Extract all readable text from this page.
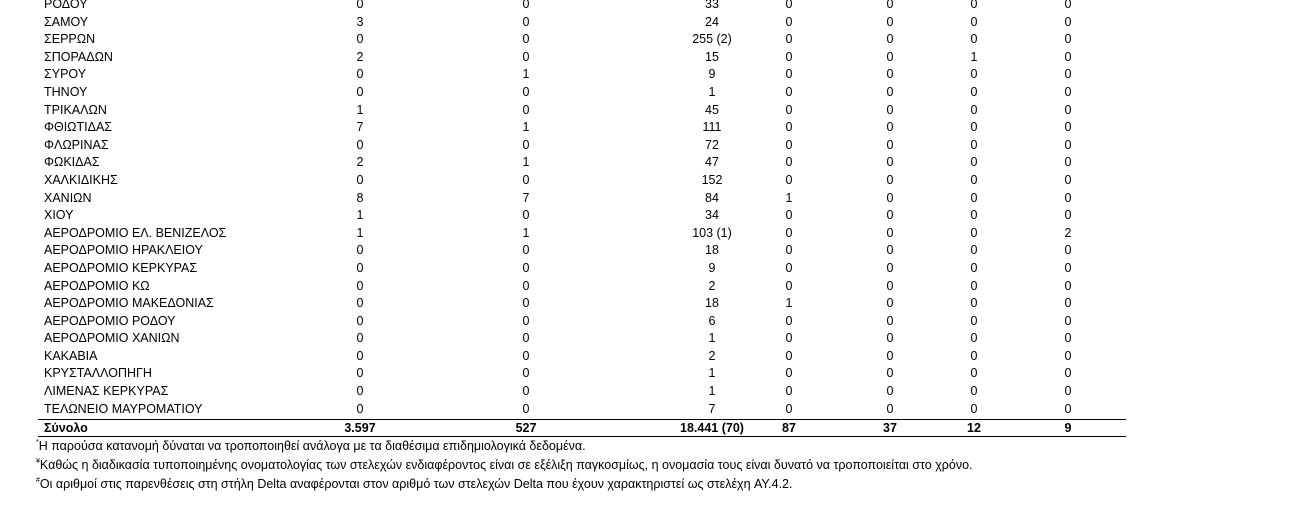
ΡΟΔΟΥ	0	0	33	0	0	0	0
ΣΑΜΟΥ	3	0	24	0	0	0	0
ΣΕΡΡΩΝ	0	0	255 (2)	0	0	0	0
ΣΠΟΡΑΔΩΝ	2	0	15	0	0	1	0
ΣΥΡΟΥ	0	1	9	0	0	0	0
ΤΗΝΟΥ	0	0	1	0	0	0	0
ΤΡΙΚΑΛΩΝ	1	0	45	0	0	0	0
ΦΘΙΩΤΙΔΑΣ	7	1	111	0	0	0	0
ΦΛΩΡΙΝΑΣ	0	0	72	0	0	0	0
ΦΩΚΙΔΑΣ	2	1	47	0	0	0	0
ΧΑΛΚΙΔΙΚΗΣ	0	0	152	0	0	0	0
ΧΑΝΙΩΝ	8	7	84	1	0	0	0
ΧΙΟΥ	1	0	34	0	0	0	0
ΑΕΡΟΔΡΟΜΙΟ ΕΛ. ΒΕΝΙΖΕΛΟΣ	1	1	103 (1)	0	0	0	2
ΑΕΡΟΔΡΟΜΙΟ ΗΡΑΚΛΕΙΟΥ	0	0	18	0	0	0	0
ΑΕΡΟΔΡΟΜΙΟ ΚΕΡΚΥΡΑΣ	0	0	9	0	0	0	0
ΑΕΡΟΔΡΟΜΙΟ ΚΩ	0	0	2	0	0	0	0
ΑΕΡΟΔΡΟΜΙΟ ΜΑΚΕΔΟΝΙΑΣ	0	0	18	1	0	0	0
ΑΕΡΟΔΡΟΜΙΟ ΡΟΔΟΥ	0	0	6	0	0	0	0
ΑΕΡΟΔΡΟΜΙΟ ΧΑΝΙΩΝ	0	0	1	0	0	0	0
ΚΑΚΑΒΙΑ	0	0	2	0	0	0	0
ΚΡΥΣΤΑΛΛΟΠΗΓΗ	0	0	1	0	0	0	0
ΛΙΜΕΝΑΣ ΚΕΡΚΥΡΑΣ	0	0	1	0	0	0	0
ΤΕΛΩΝΕΙΟ ΜΑΥΡΟΜΑΤΙΟΥ	0	0	7	0	0	0	0
Σύνολο	3.597	527	18.441 (70)	87	37	12	9
*Η παρούσα κατανομή δύναται να τροποποιηθεί ανάλογα με τα διαθέσιμα επιδημιολογικά δεδομένα.
¥Καθώς η διαδικασία τυποποιημένης ονοματολογίας των στελεχών ενδιαφέροντος είναι σε εξέλιξη παγκοσμίως, η ονομασία τους είναι δυνατό να τροποποιείται στο χρόνο.
#Οι αριθμοί στις παρενθέσεις στη στήλη Delta αναφέρονται στον αριθμό των στελεχών Delta που έχουν χαρακτηριστεί ως στελέχη AY.4.2.
